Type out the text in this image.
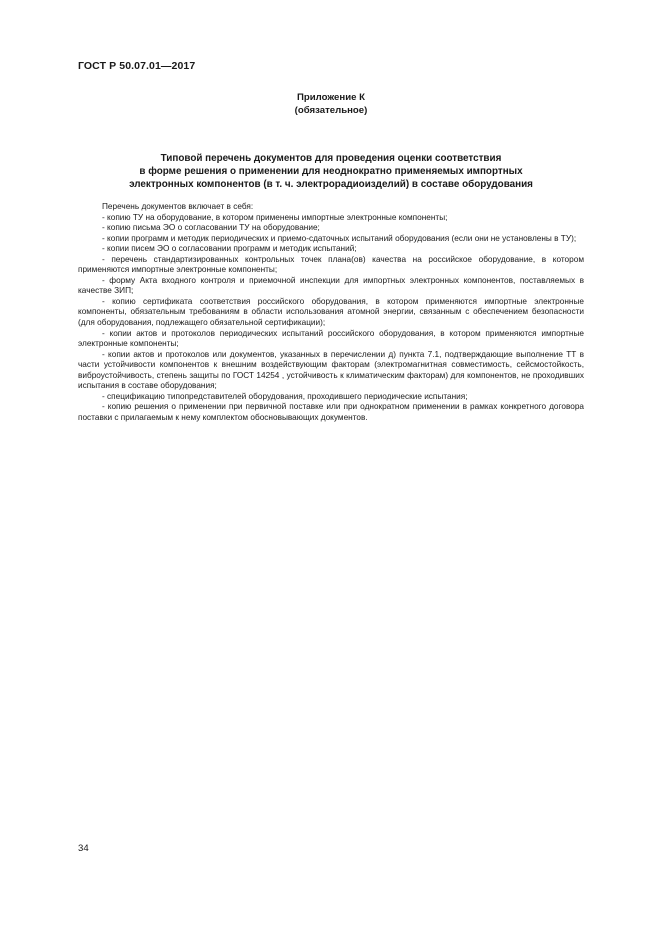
ГОСТ Р 50.07.01—2017
Приложение К
(обязательное)
Типовой перечень документов для проведения оценки соответствия
в форме решения о применении для неоднократно применяемых импортных
электронных компонентов (в т. ч. электрорадиоизделий) в составе оборудования

Перечень документов включает в себя:

- копию ТУ на оборудование, в котором применены импортные электронные компоненты;

- копию письма ЭО о согласовании ТУ на оборудование;

- копии программ и методик периодических и приемо-сдаточных испытаний оборудования (если они не установлены в ТУ);

- копии писем ЭО о согласовании программ и методик испытаний;

- перечень стандартизированных контрольных точек плана(ов) качества на российское оборудование, в котором применяются импортные электронные компоненты;

- форму Акта входного контроля и приемочной инспекции для импортных электронных компонентов, поставляемых в качестве ЗИП;

- копию сертификата соответствия российского оборудования, в котором применяются импортные электронные компоненты, обязательным требованиям в области использования атомной энергии, связанным с обеспечением безопасности (для оборудования, подлежащего обязательной сертификации);

- копии актов и протоколов периодических испытаний российского оборудования, в котором применяются импортные электронные компоненты;

- копии актов и протоколов или документов, указанных в перечислении д) пункта 7.1, подтверждающие выполнение ТТ в части устойчивости компонентов к внешним воздействующим факторам (электромагнитная совместимость, сейсмостойкость, виброустойчивость, степень защиты по ГОСТ 14254 , устойчивость к климатическим факторам) для компонентов, не проходивших испытания в составе оборудования;

- спецификацию типопредставителей оборудования, проходившего периодические испытания;

- копию решения о применении при первичной поставке или при однократном применении в рамках конкретного договора поставки с прилагаемым к нему комплектом обосновывающих документов.

34
